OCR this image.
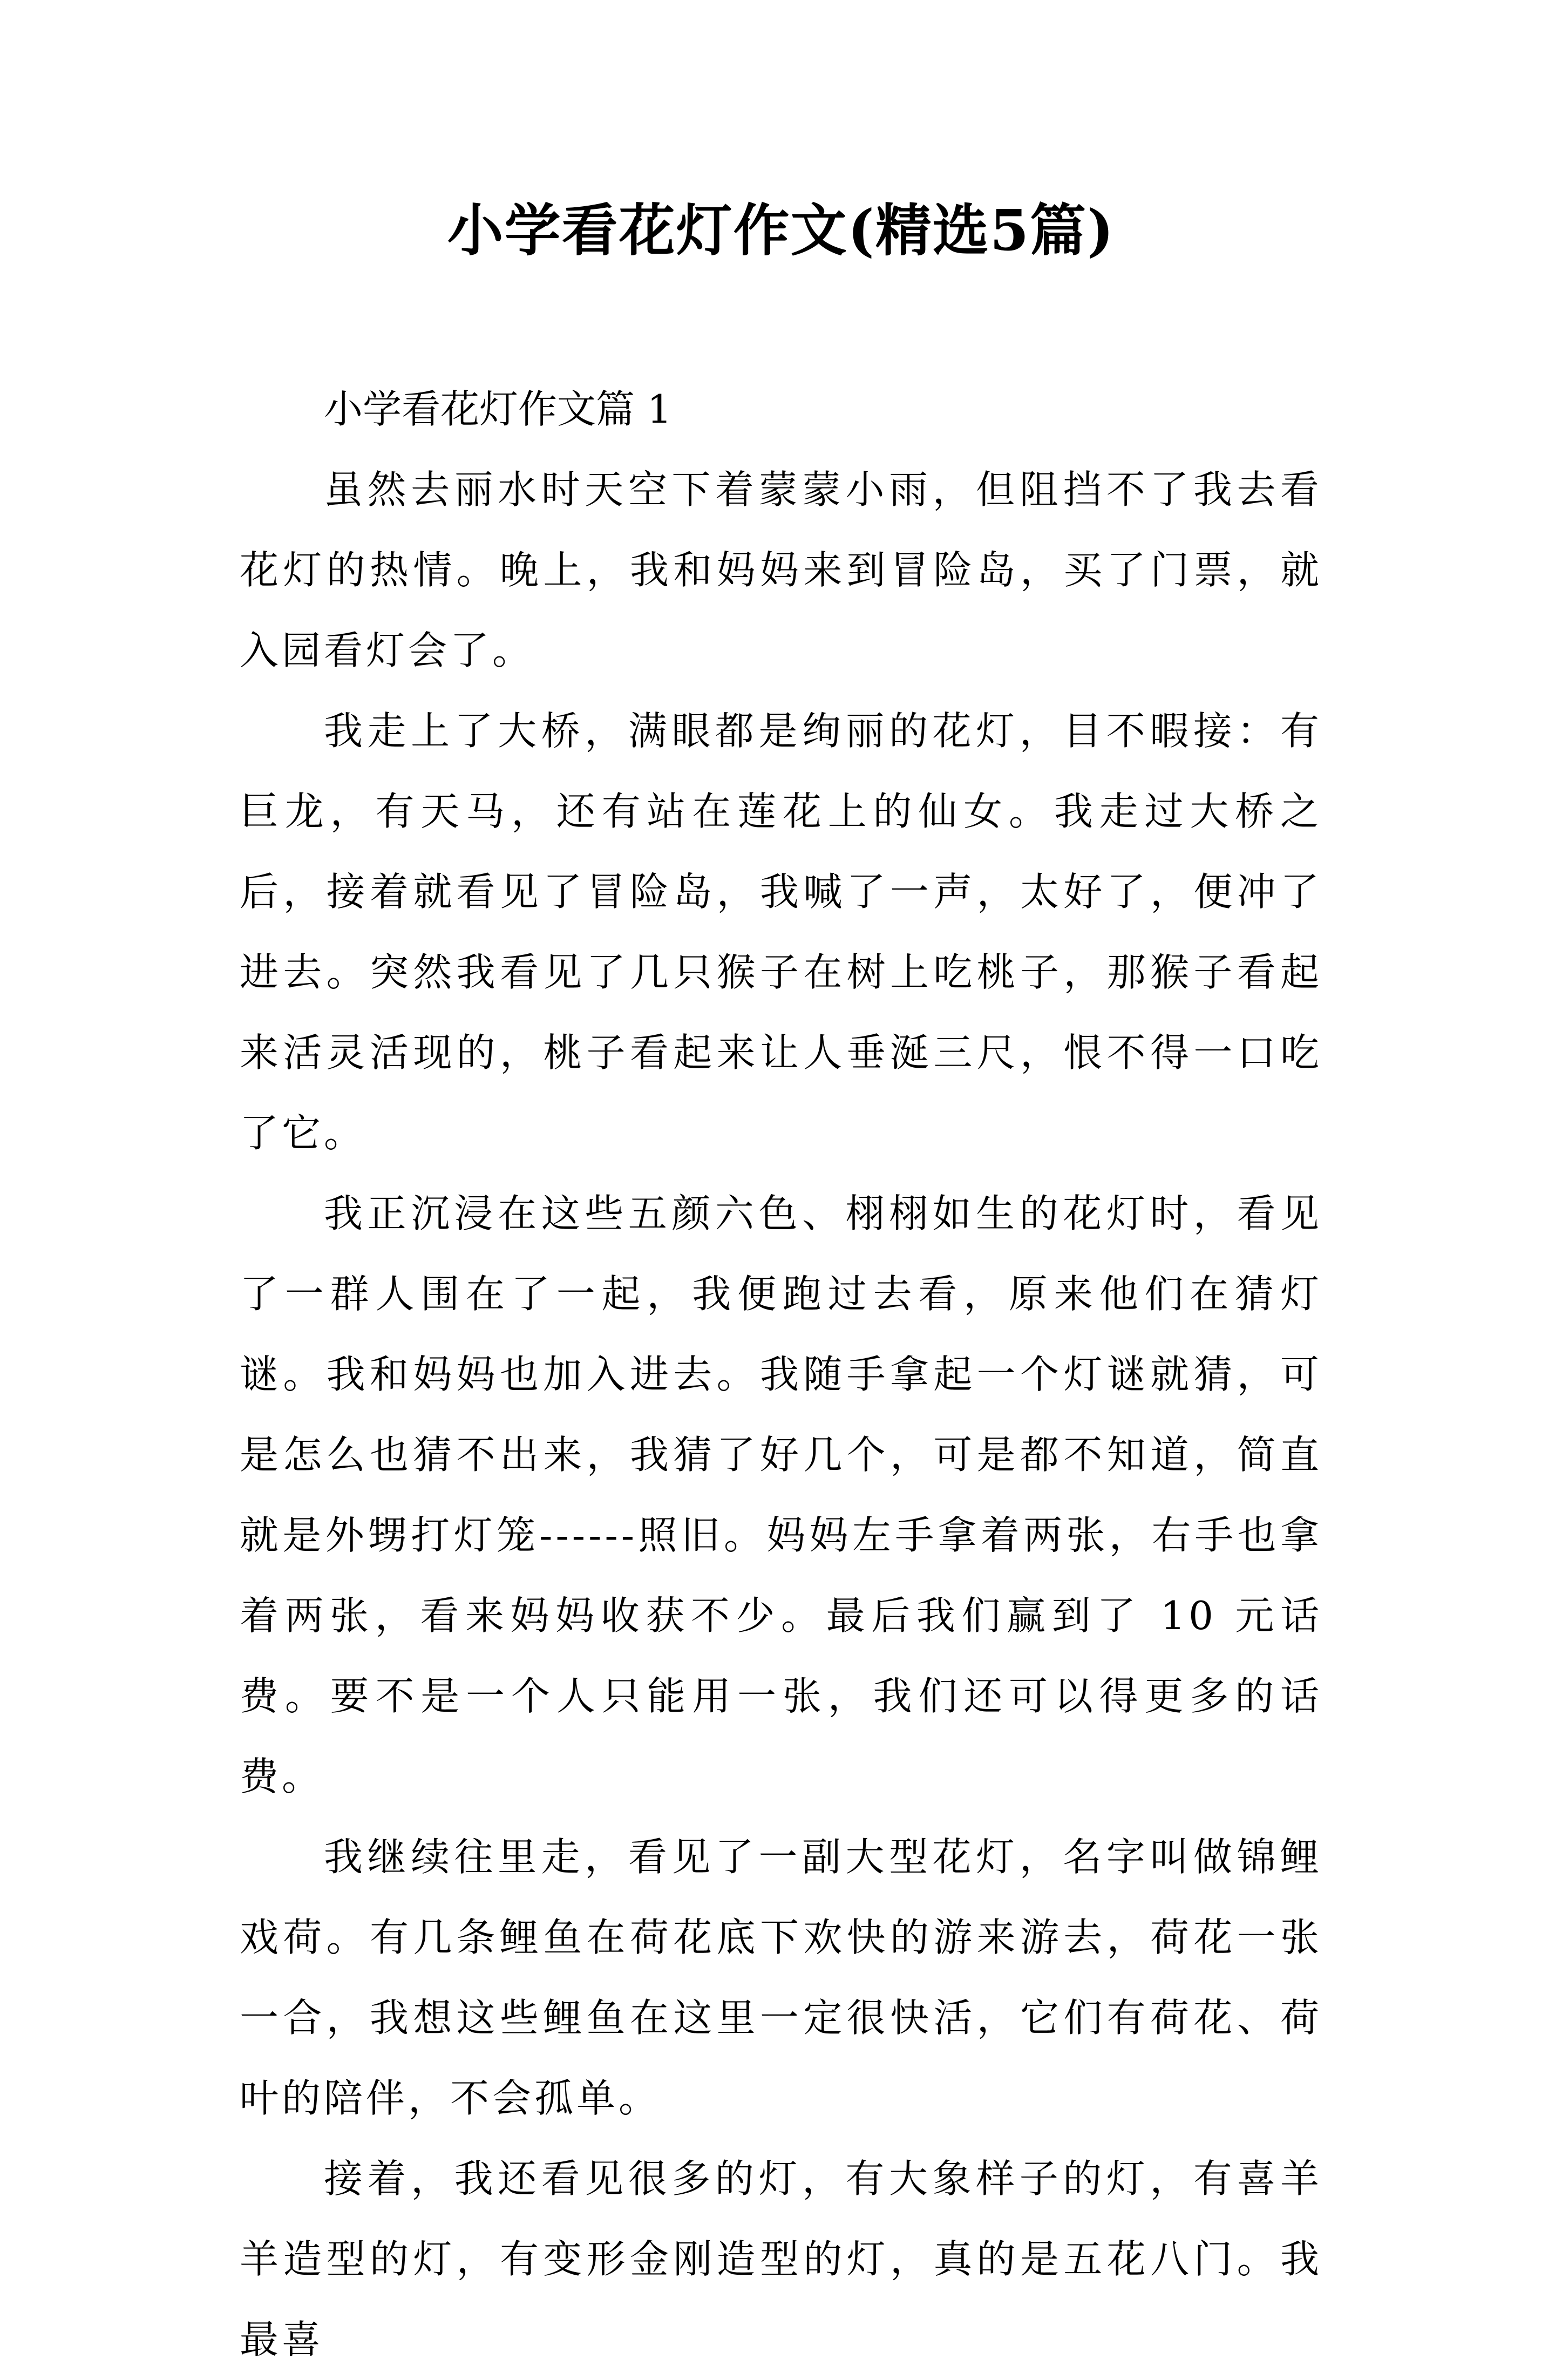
小学看花灯作文(精选5篇)

小学看花灯作文篇 1

虽然去丽水时天空下着蒙蒙小雨，但阻挡不了我去看花灯的热情。晚上，我和妈妈来到冒险岛，买了门票，就入园看灯会了。

我走上了大桥，满眼都是绚丽的花灯，目不暇接：有巨龙，有天马，还有站在莲花上的仙女。我走过大桥之后，接着就看见了冒险岛，我喊了一声，太好了，便冲了进去。突然我看见了几只猴子在树上吃桃子，那猴子看起来活灵活现的，桃子看起来让人垂涎三尺，恨不得一口吃了它。

我正沉浸在这些五颜六色、栩栩如生的花灯时，看见了一群人围在了一起，我便跑过去看，原来他们在猜灯谜。我和妈妈也加入进去。我随手拿起一个灯谜就猜，可是怎么也猜不出来，我猜了好几个，可是都不知道，简直就是外甥打灯笼------照旧。妈妈左手拿着两张，右手也拿着两张，看来妈妈收获不少。最后我们赢到了 10 元话费。要不是一个人只能用一张，我们还可以得更多的话费。

我继续往里走，看见了一副大型花灯，名字叫做锦鲤戏荷。有几条鲤鱼在荷花底下欢快的游来游去，荷花一张一合，我想这些鲤鱼在这里一定很快活，它们有荷花、荷叶的陪伴，不会孤单。

接着，我还看见很多的灯，有大象样子的灯，有喜羊羊造型的灯，有变形金刚造型的灯，真的是五花八门。我最喜
